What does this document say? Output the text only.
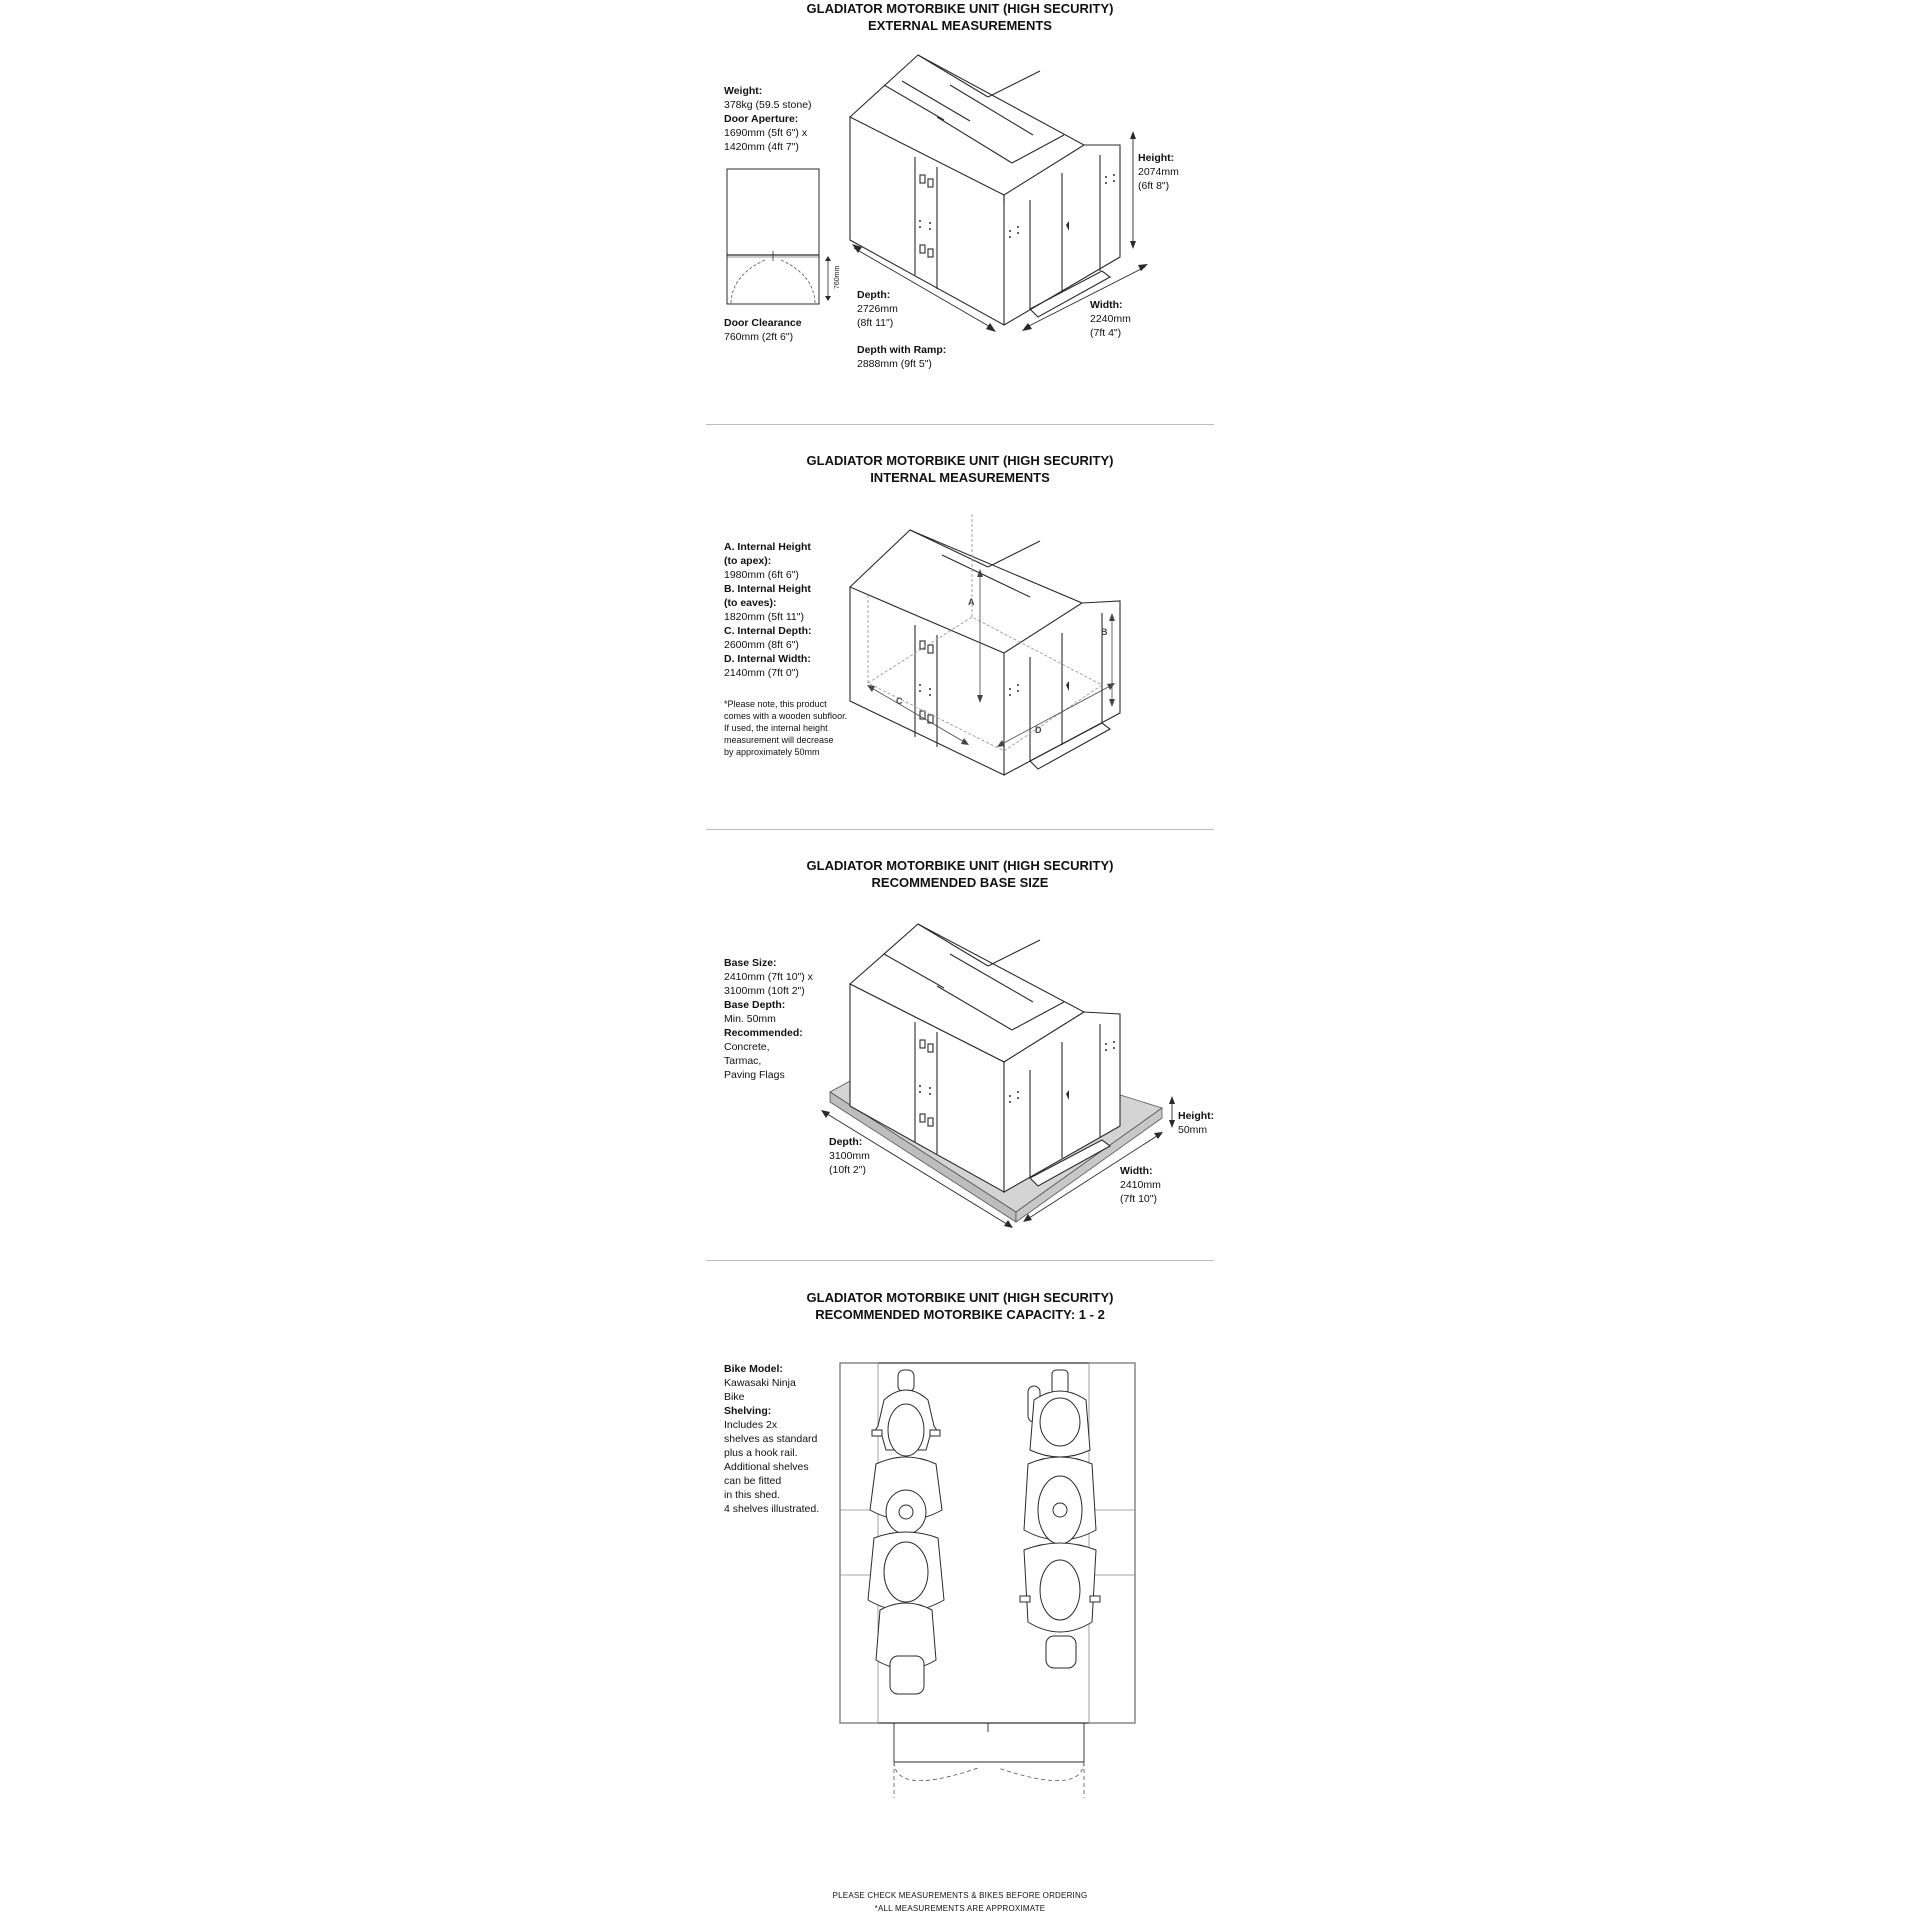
GLADIATOR MOTORBIKE UNIT (HIGH SECURITY)
EXTERNAL MEASUREMENTS
Weight:
378kg (59.5 stone)
Door Aperture:
1690mm (5ft 6") x
1420mm (4ft 7")
760mm
Door Clearance
760mm (2ft 6")
Height:
2074mm
(6ft 8")
Depth:
2726mm
(8ft 11")
Width:
2240mm
(7ft 4")
Depth with Ramp:
2888mm (9ft 5")
GLADIATOR MOTORBIKE UNIT (HIGH SECURITY)
INTERNAL MEASUREMENTS
A. Internal Height
(to apex):
1980mm (6ft 6")
B. Internal Height
(to eaves):
1820mm (5ft 11")
C. Internal Depth:
2600mm (8ft 6")
D. Internal Width:
2140mm (7ft 0")
*Please note, this product
comes with a wooden subfloor.
If used, the internal height
measurement will decrease
by approximately 50mm
A
B
C
D
GLADIATOR MOTORBIKE UNIT (HIGH SECURITY)
RECOMMENDED BASE SIZE
Base Size:
2410mm (7ft 10") x
3100mm (10ft 2")
Base Depth:
Min. 50mm
Recommended:
Concrete,
Tarmac,
Paving Flags
Height:
50mm
Depth:
3100mm
(10ft 2")	Width:
2410mm
(7ft 10")
GLADIATOR MOTORBIKE UNIT (HIGH SECURITY)
RECOMMENDED MOTORBIKE CAPACITY: 1 - 2
Bike Model:
Kawasaki Ninja
Bike
Shelving:
Includes 2x
shelves as standard
plus a hook rail.
Additional shelves
can be fitted
in this shed.
4 shelves illustrated.
PLEASE CHECK MEASUREMENTS & BIKES BEFORE ORDERING
*ALL MEASUREMENTS ARE APPROXIMATE
